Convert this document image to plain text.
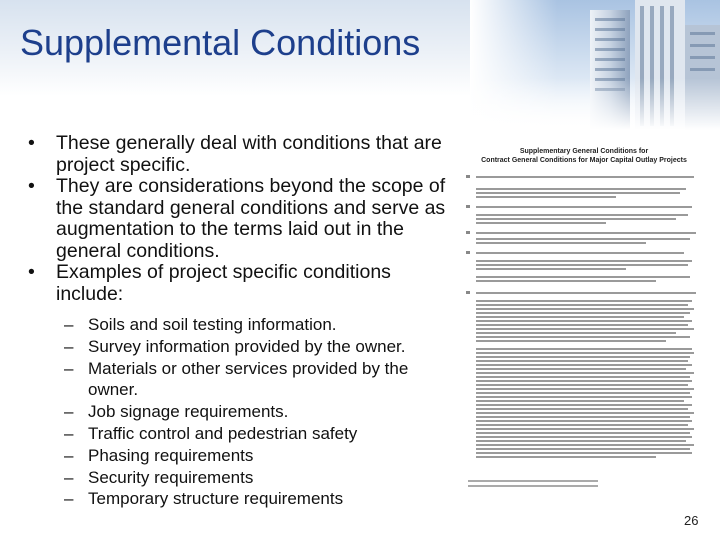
Supplemental Conditions
•	These generally deal with conditions that are project specific.
•	They are considerations beyond the scope of the standard general conditions and serve as augmentation to the terms laid out in the general conditions.
•	Examples of project specific conditions include:
– Soils and soil testing information.
– Survey information provided by the owner.
– Materials or other services provided by the owner.
– Job signage requirements.
– Traffic control and pedestrian safety
– Phasing requirements
– Security requirements
– Temporary structure requirements
Supplementary General Conditions for
Contract General Conditions for Major Capital Outlay Projects
26
